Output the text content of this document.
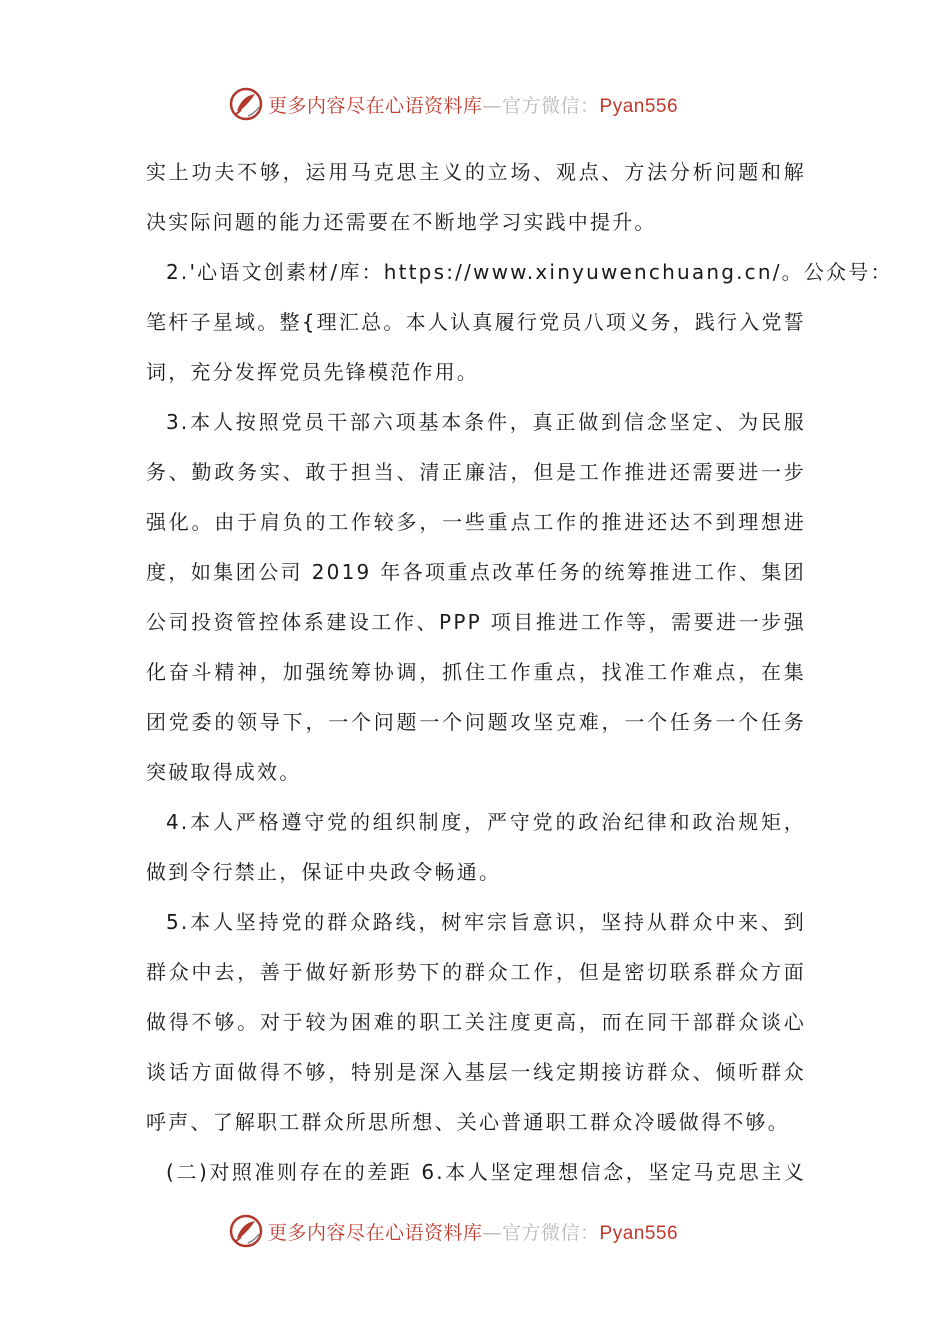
更多内容尽在心语资料库—官方微信：Pyan556
实上功夫不够，运用马克思主义的立场、观点、方法分析问题和解
决实际问题的能力还需要在不断地学习实践中提升。
2.'心语文创素材/库：https://www.xinyuwenchuang.cn/。公众号：
笔杆子星域。整{理汇总。本人认真履行党员八项义务，践行入党誓
词，充分发挥党员先锋模范作用。
3.本人按照党员干部六项基本条件，真正做到信念坚定、为民服
务、勤政务实、敢于担当、清正廉洁，但是工作推进还需要进一步
强化。由于肩负的工作较多，一些重点工作的推进还达不到理想进
度，如集团公司 2019 年各项重点改革任务的统筹推进工作、集团
公司投资管控体系建设工作、PPP 项目推进工作等，需要进一步强
化奋斗精神，加强统筹协调，抓住工作重点，找准工作难点，在集
团党委的领导下，一个问题一个问题攻坚克难，一个任务一个任务
突破取得成效。
4.本人严格遵守党的组织制度，严守党的政治纪律和政治规矩，
做到令行禁止，保证中央政令畅通。
5.本人坚持党的群众路线，树牢宗旨意识，坚持从群众中来、到
群众中去，善于做好新形势下的群众工作，但是密切联系群众方面
做得不够。对于较为困难的职工关注度更高，而在同干部群众谈心
谈话方面做得不够，特别是深入基层一线定期接访群众、倾听群众
呼声、了解职工群众所思所想、关心普通职工群众冷暖做得不够。
(二)对照准则存在的差距 6.本人坚定理想信念，坚定马克思主义
更多内容尽在心语资料库—官方微信：Pyan556
